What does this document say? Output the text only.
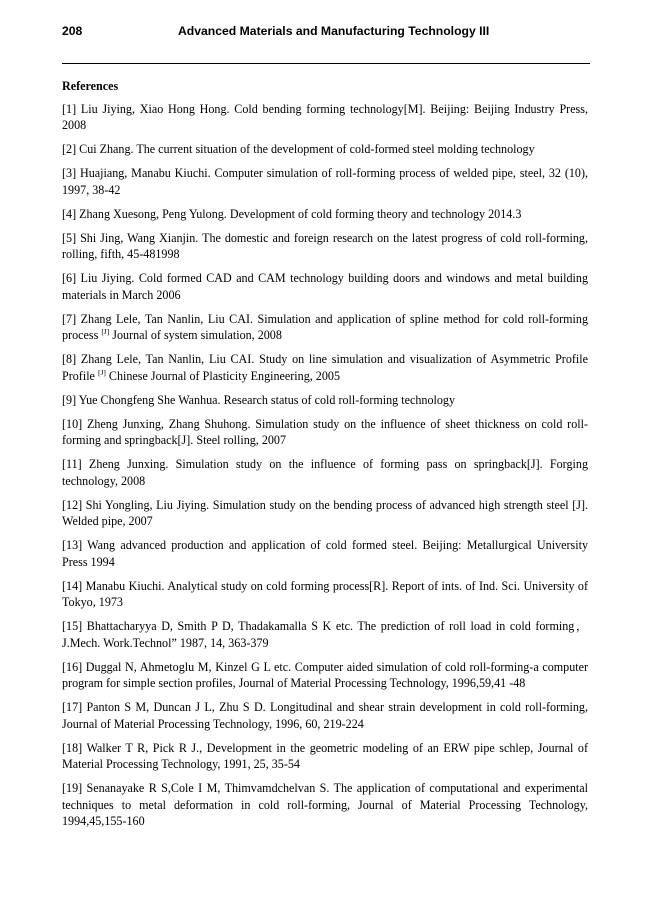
208	Advanced Materials and Manufacturing Technology III
References
[1] Liu Jiying, Xiao Hong Hong. Cold bending forming technology[M]. Beijing: Beijing Industry Press, 2008
[2] Cui Zhang. The current situation of the development of cold-formed steel molding technology
[3] Huajiang, Manabu Kiuchi. Computer simulation of roll-forming process of welded pipe, steel, 32 (10), 1997, 38-42
[4] Zhang Xuesong, Peng Yulong. Development of cold forming theory and technology 2014.3
[5] Shi Jing, Wang Xianjin. The domestic and foreign research on the latest progress of cold roll-forming, rolling, fifth, 45-481998
[6] Liu Jiying. Cold formed CAD and CAM technology building doors and windows and metal building materials in March 2006
[7] Zhang Lele, Tan Nanlin, Liu CAI. Simulation and application of spline method for cold roll-forming process [J] Journal of system simulation, 2008
[8] Zhang Lele, Tan Nanlin, Liu CAI. Study on line simulation and visualization of Asymmetric Profile Profile [J] Chinese Journal of Plasticity Engineering, 2005
[9] Yue Chongfeng She Wanhua. Research status of cold roll-forming technology
[10] Zheng Junxing, Zhang Shuhong. Simulation study on the influence of sheet thickness on cold roll-forming and springback[J]. Steel rolling, 2007
[11] Zheng Junxing. Simulation study on the influence of forming pass on springback[J]. Forging technology, 2008
[12] Shi Yongling, Liu Jiying. Simulation study on the bending process of advanced high strength steel [J]. Welded pipe, 2007
[13] Wang advanced production and application of cold formed steel. Beijing: Metallurgical University Press 1994
[14] Manabu Kiuchi. Analytical study on cold forming process[R]. Report of ints. of Ind. Sci. University of Tokyo, 1973
[15] Bhattacharyya D, Smith P D, Thadakamalla S K etc. The prediction of roll load in cold forming，J.Mech. Work.Technol” 1987, 14, 363-379
[16] Duggal N, Ahmetoglu M, Kinzel G L etc. Computer aided simulation of cold roll-forming-a computer program for simple section profiles, Journal of Material Processing Technology, 1996,59,41 -48
[17] Panton S M, Duncan J L, Zhu S D. Longitudinal and shear strain development in cold roll-forming, Journal of Material Processing Technology, 1996, 60, 219-224
[18] Walker T R, Pick R J., Development in the geometric modeling of an ERW pipe schlep, Journal of Material Processing Technology, 1991, 25, 35-54
[19] Senanayake R S,Cole I M, Thimvamdchelvan S. The application of computational and experimental techniques to metal deformation in cold roll-forming, Journal of Material Processing Technology, 1994,45,155-160
